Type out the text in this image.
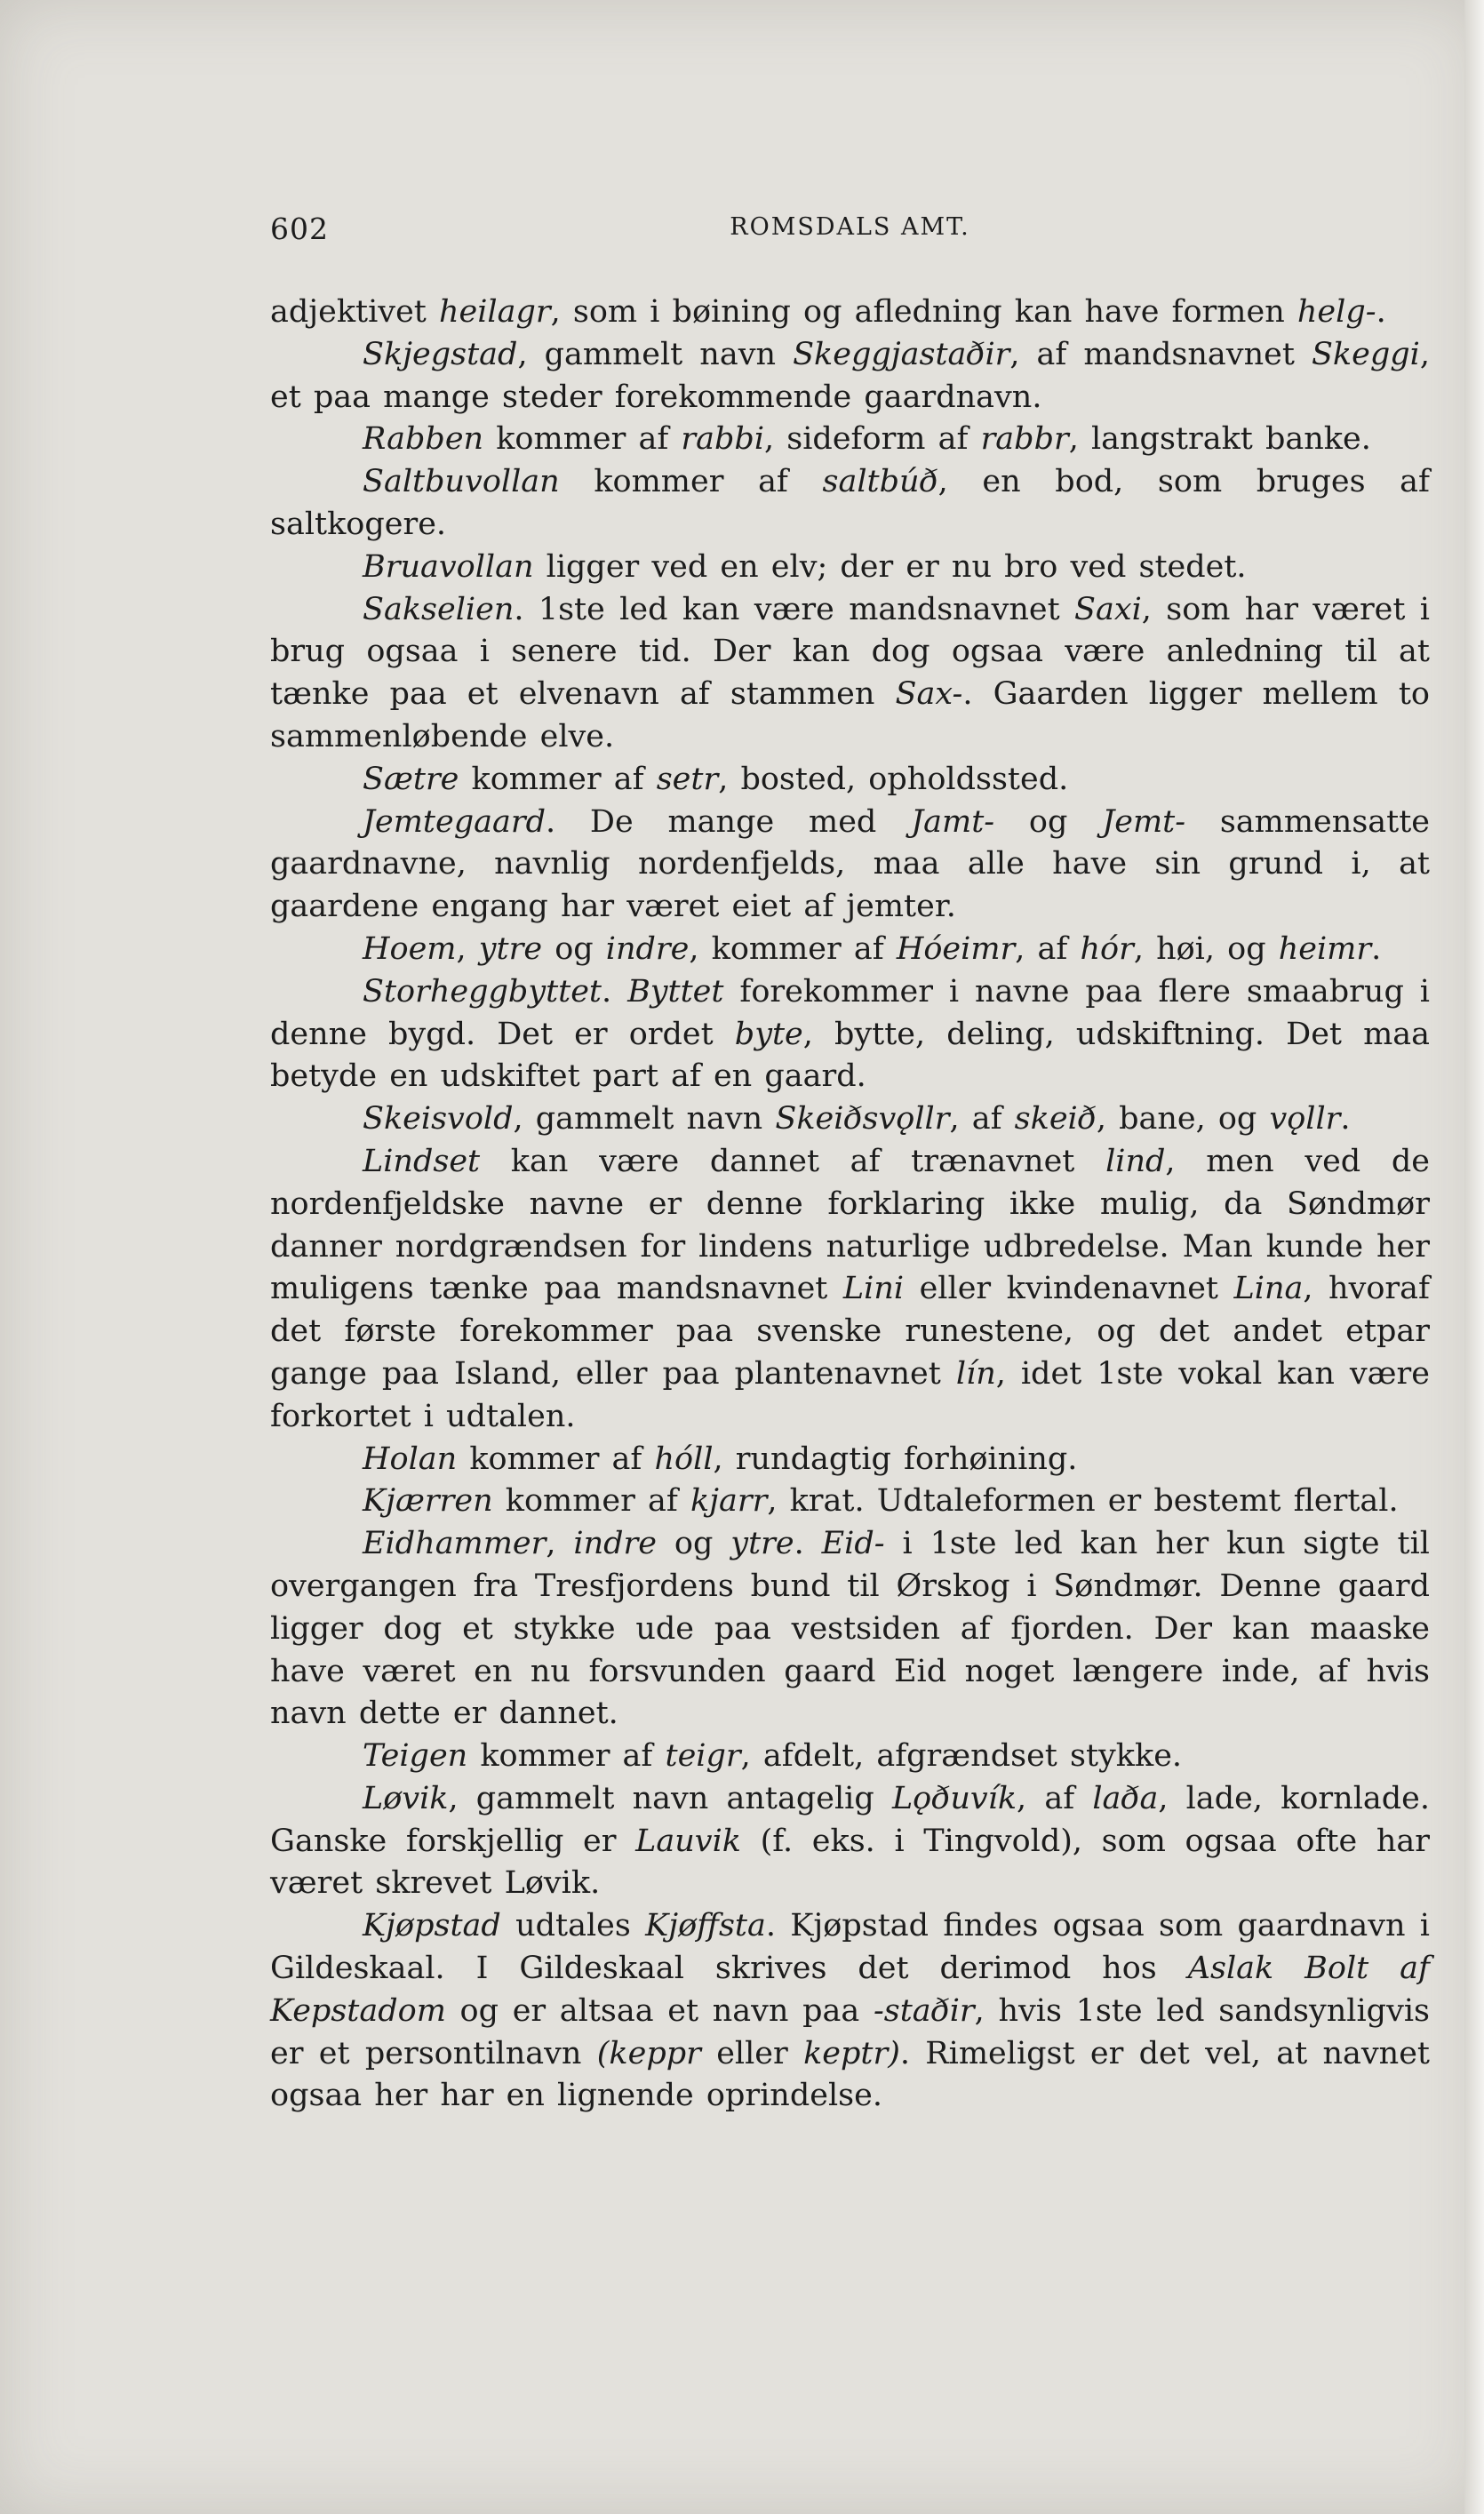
602	ROMSDALS AMT.

adjektivet heilagr, som i bøining og afledning kan have formen helg-.

Skjegstad, gammelt navn Skeggjastaðir, af mandsnavnet Skeggi, et paa mange steder forekommende gaardnavn.

Rabben kommer af rabbi, sideform af rabbr, langstrakt banke.

Saltbuvollan kommer af saltbúð, en bod, som bruges af saltkogere.

Bruavollan ligger ved en elv; der er nu bro ved stedet.

Sakselien. 1ste led kan være mandsnavnet Saxi, som har været i brug ogsaa i senere tid. Der kan dog ogsaa være anledning til at tænke paa et elvenavn af stammen Sax-. Gaarden ligger mellem to sammenløbende elve.

Sætre kommer af setr, bosted, opholdssted.

Jemtegaard. De mange med Jamt- og Jemt- sammensatte gaardnavne, navnlig nordenfjelds, maa alle have sin grund i, at gaardene engang har været eiet af jemter.

Hoem, ytre og indre, kommer af Hóeimr, af hór, høi, og heimr.

Storheggbyttet. Byttet forekommer i navne paa flere smaabrug i denne bygd. Det er ordet byte, bytte, deling, udskiftning. Det maa betyde en udskiftet part af en gaard.

Skeisvold, gammelt navn Skeiðsvǫllr, af skeið, bane, og vǫllr.

Lindset kan være dannet af trænavnet lind, men ved de nordenfjeldske navne er denne forklaring ikke mulig, da Søndmør danner nordgrændsen for lindens naturlige udbredelse. Man kunde her muligens tænke paa mandsnavnet Lini eller kvindenavnet Lina, hvoraf det første forekommer paa svenske runestene, og det andet etpar gange paa Island, eller paa plantenavnet lín, idet 1ste vokal kan være forkortet i udtalen.

Holan kommer af hóll, rundagtig forhøining.

Kjærren kommer af kjarr, krat. Udtaleformen er bestemt flertal.

Eidhammer, indre og ytre. Eid- i 1ste led kan her kun sigte til overgangen fra Tresfjordens bund til Ørskog i Søndmør. Denne gaard ligger dog et stykke ude paa vestsiden af fjorden. Der kan maaske have været en nu forsvunden gaard Eid noget længere inde, af hvis navn dette er dannet.

Teigen kommer af teigr, afdelt, afgrændset stykke.

Løvik, gammelt navn antagelig Lǫðuvík, af laða, lade, kornlade. Ganske forskjellig er Lauvik (f. eks. i Tingvold), som ogsaa ofte har været skrevet Løvik.

Kjøpstad udtales Kjøffsta. Kjøpstad findes ogsaa som gaardnavn i Gildeskaal. I Gildeskaal skrives det derimod hos Aslak Bolt af Kepstadom og er altsaa et navn paa -staðir, hvis 1ste led sandsynligvis er et persontilnavn (keppr eller keptr). Rimeligst er det vel, at navnet ogsaa her har en lignende oprindelse.
